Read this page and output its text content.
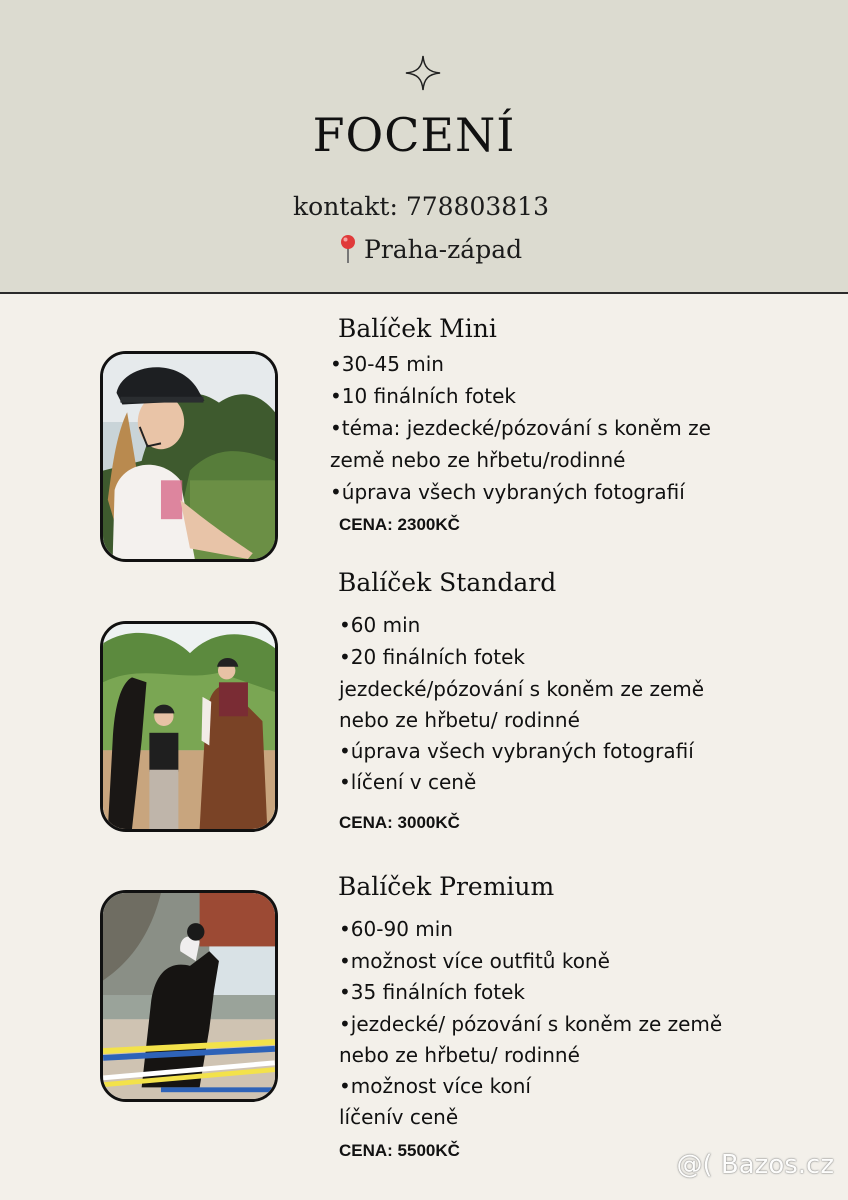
FOCENÍ
kontakt: 778803813
Praha-západ
Balíček Mini
•30-45 min
•10 finálních fotek
•téma: jezdecké/pózování s koněm ze
země nebo ze hřbetu/rodinné
•úprava všech vybraných fotografií
CENA: 2300KČ
Balíček Standard
•60 min
•20 finálních fotek
jezdecké/pózování s koněm ze země
nebo ze hřbetu/ rodinné
•úprava všech vybraných fotografií
•líčení v ceně
CENA: 3000KČ
Balíček Premium
•60-90 min
•možnost více outfitů koně
•35 finálních fotek
•jezdecké/ pózování s koněm ze země
nebo ze hřbetu/ rodinné
•možnost více koní
líčenív ceně
CENA: 5500KČ	@( Bazos.cz
